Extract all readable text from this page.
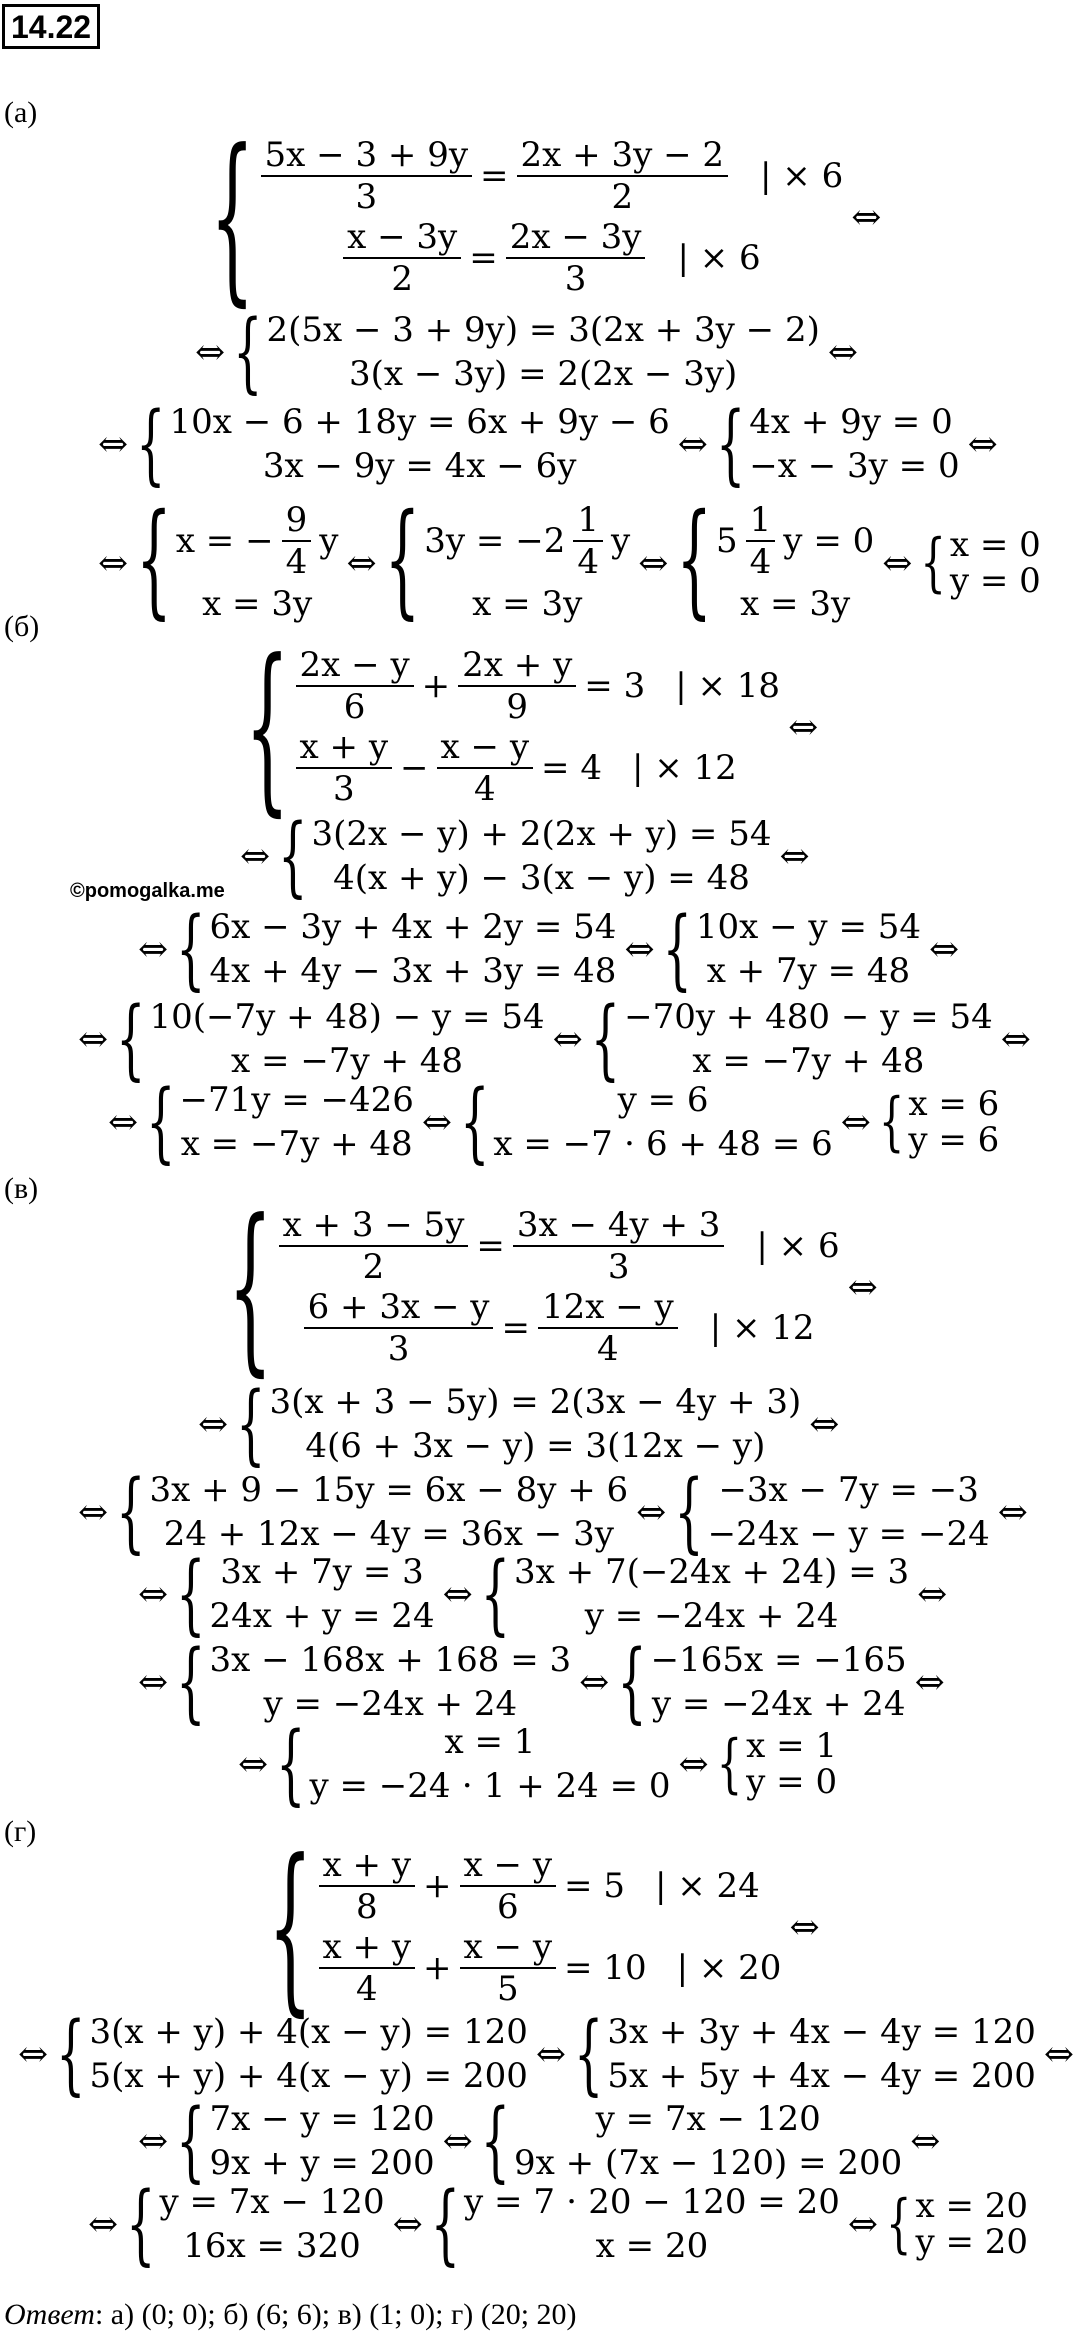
14.22
(а) { $\frac{5x - 3 + 9y}{3} = \frac{2x + 3y - 2}{2}$ | × 6
$\frac{x - 3y}{2} = \frac{2x - 3y}{3}$ | × 6
⇔
⇔ { 2(5x − 3 + 9y) = 3(2x + 3y − 2)
3(x − 3y) = 2(2x − 3y)
⇔
⇔ { 10x − 6 + 18y = 6x + 9y − 6
3x − 9y = 4x − 6y
⇔ { 4x + 9y = 0
−x − 3y = 0
⇔
⇔ { x = − $\frac{9}{4}$ y
x = 3y
⇔ { $3y = -2 \frac{1}{4}$ y
x = 3y
⇔ { $5 \frac{1}{4}$ y = 0
x = 3y
⇔ { x = 0
y = 0
(б)	{ $\frac{2x - y}{6} + \frac{2x + y}{9} = 3$ | × 18
$\frac{x + y}{3} - \frac{x - y}{4} = 4$ | × 12
⇔
⇔ { 3(2x − y) + 2(2x + y) = 54
4(x + y) − 3(x − y) = 48
⇔
©pomogalka.me
⇔ { 6x − 3y + 4x + 2y = 54
4x + 4y − 3x + 3y = 48
⇔ { 10x − y = 54
x + 7y = 48
⇔
⇔ { 10(−7y + 48) − y = 54
x = −7y + 48
⇔ { −70y + 480 − y = 54
x = −7y + 48
⇔
⇔ { −71y = −426
x = −7y + 48
⇔ {	y = 6
x = −7 ⋅ 6 + 48 = 6
⇔ { x = 6
y = 6
(в)	{ $\frac{x + 3 - 5y}{2} = \frac{3x - 4y + 3}{3}$ | × 6
$\frac{6 + 3x - y}{3} = \frac{12x - y}{4}$ | × 12
⇔
⇔ { 3(x + 3 − 5y) = 2(3x − 4y + 3)
4(6 + 3x − y) = 3(12x − y)
⇔
⇔ { 3x + 9 − 15y = 6x − 8y + 6
24 + 12x − 4y = 36x − 3y
⇔ { −3x − 7y = −3
−24x − y = −24
⇔
⇔ { 3x + 7y = 3
24x + y = 24
⇔ { 3x + 7(−24x + 24) = 3
y = −24x + 24
⇔
⇔ { 3x − 168x + 168 = 3
y = −24x + 24
⇔ { −165x = −165
y = −24x + 24
⇔
⇔ {	x = 1
y = −24 ⋅ 1 + 24 = 0
⇔ { x = 1
y = 0
(г)	{ $\frac{x + y}{8} + \frac{x - y}{6} = 5$ | × 24
$\frac{x + y}{4} + \frac{x - y}{5} = 10$ | × 20
⇔
⇔ { 3(x + y) + 4(x − y) = 120
5(x + y) + 4(x − y) = 200
⇔ { 3x + 3y + 4x − 4y = 120
5x + 5y + 4x − 4y = 200
⇔
⇔ { 7x − y = 120
9x + y = 200
⇔ {	y = 7x − 120
9x + (7x − 120) = 200
⇔
⇔ { y = 7x − 120
16x = 320
⇔ { y = 7 ⋅ 20 − 120 = 20
x = 20
⇔ { x = 20
y = 20
Ответ: а) (0; 0); б) (6; 6); в) (1; 0); г) (20; 20)
